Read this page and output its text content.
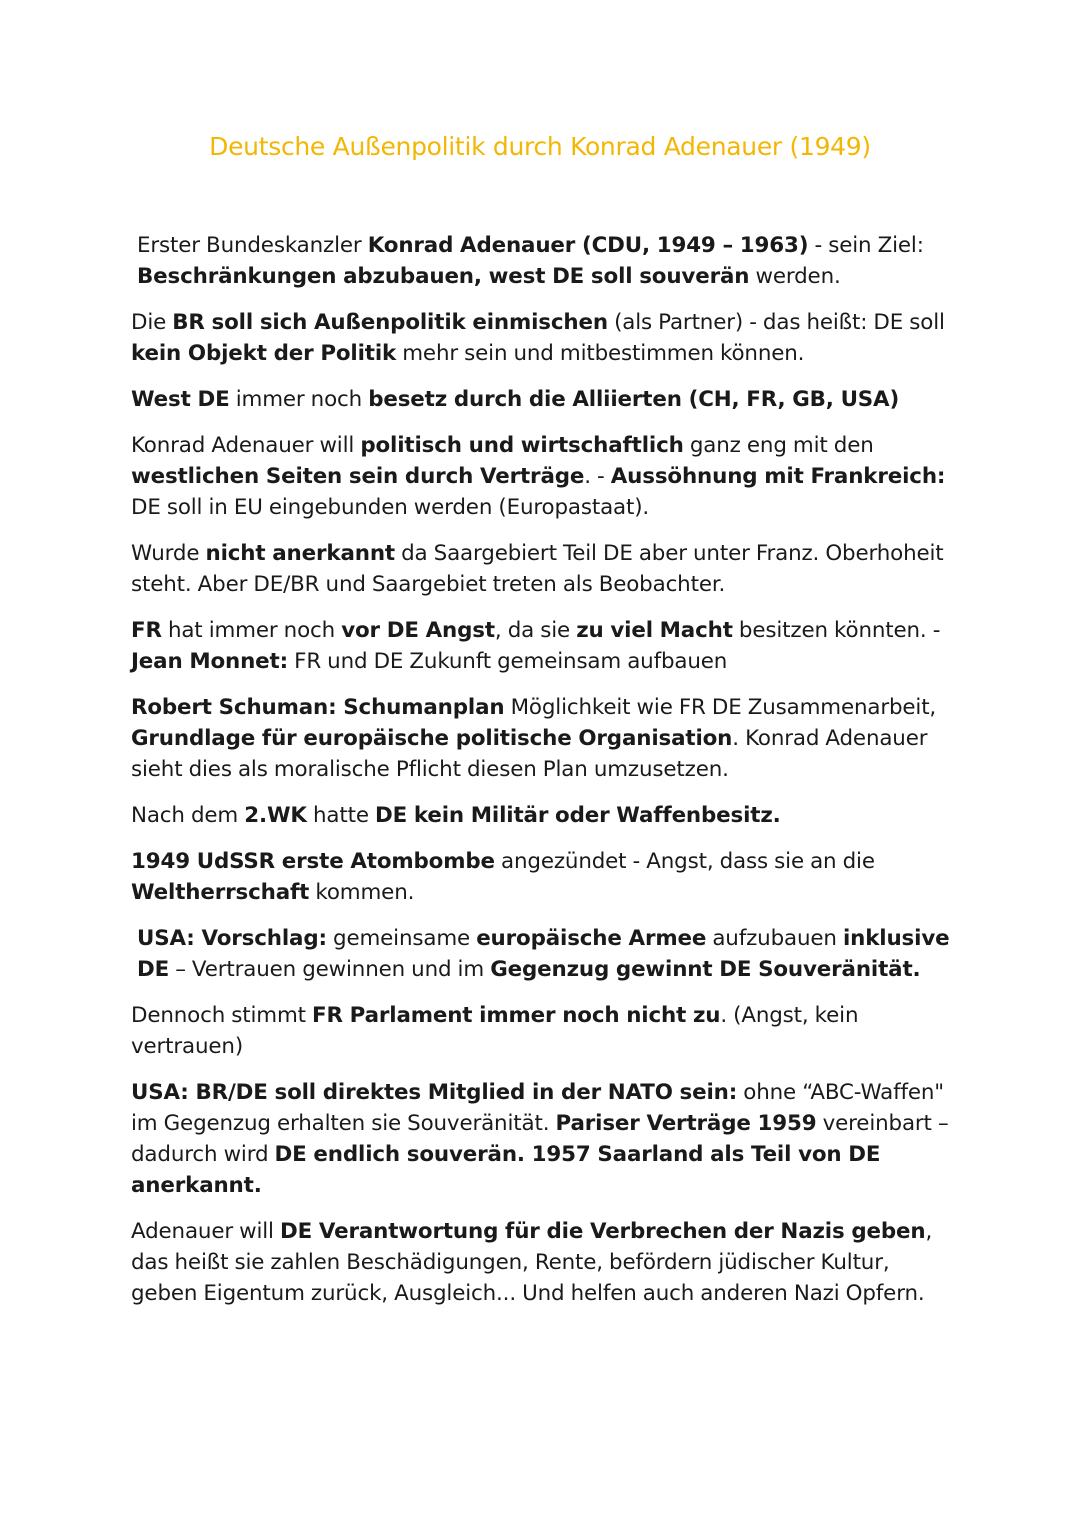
Deutsche Außenpolitik durch Konrad Adenauer (1949)

Erster Bundeskanzler Konrad Adenauer (CDU, 1949 – 1963) - sein Ziel: Beschränkungen abzubauen, west DE soll souverän werden.

Die BR soll sich Außenpolitik einmischen (als Partner) - das heißt: DE soll kein Objekt der Politik mehr sein und mitbestimmen können.

West DE immer noch besetz durch die Alliierten (CH, FR, GB, USA)

Konrad Adenauer will politisch und wirtschaftlich ganz eng mit den westlichen Seiten sein durch Verträge. - Aussöhnung mit Frankreich: DE soll in EU eingebunden werden (Europastaat).

Wurde nicht anerkannt da Saargebiert Teil DE aber unter Franz. Oberhoheit steht. Aber DE/BR und Saargebiet treten als Beobachter.

FR hat immer noch vor DE Angst, da sie zu viel Macht besitzen könnten. - Jean Monnet: FR und DE Zukunft gemeinsam aufbauen

Robert Schuman: Schumanplan Möglichkeit wie FR DE Zusammenarbeit, Grundlage für europäische politische Organisation. Konrad Adenauer sieht dies als moralische Pflicht diesen Plan umzusetzen.

Nach dem 2.WK hatte DE kein Militär oder Waffenbesitz.

1949 UdSSR erste Atombombe angezündet - Angst, dass sie an die Weltherrschaft kommen.

USA: Vorschlag: gemeinsame europäische Armee aufzubauen inklusive DE – Vertrauen gewinnen und im Gegenzug gewinnt DE Souveränität.

Dennoch stimmt FR Parlament immer noch nicht zu. (Angst, kein vertrauen)

USA: BR/DE soll direktes Mitglied in der NATO sein: ohne “ABC-Waffen" im Gegenzug erhalten sie Souveränität. Pariser Verträge 1959 vereinbart – dadurch wird DE endlich souverän. 1957 Saarland als Teil von DE anerkannt.

Adenauer will DE Verantwortung für die Verbrechen der Nazis geben, das heißt sie zahlen Beschädigungen, Rente, befördern jüdischer Kultur, geben Eigentum zurück, Ausgleich... Und helfen auch anderen Nazi Opfern.
